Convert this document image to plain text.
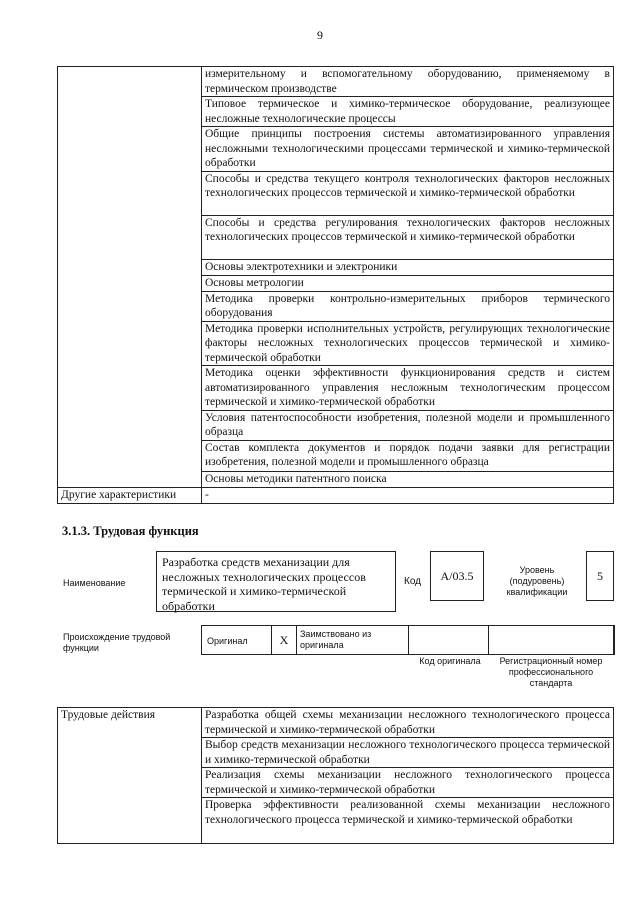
9
	измерительному и вспомогательному оборудованию, применяемому в термическом производстве
	Типовое термическое и химико-термическое оборудование, реализующее несложные технологические процессы
	Общие принципы построения системы автоматизированного управления несложными технологическими процессами термической и химико-термической обработки
	Способы и средства текущего контроля технологических факторов несложных технологических процессов термической и химико-термической обработки
	Способы и средства регулирования технологических факторов несложных технологических процессов термической и химико-термической обработки
	Основы электротехники и электроники
	Основы метрологии
	Методика проверки контрольно-измерительных приборов термического оборудования
	Методика проверки исполнительных устройств, регулирующих технологические факторы несложных технологических процессов термической и химико-термической обработки
	Методика оценки эффективности функционирования средств и систем автоматизированного управления несложным технологическим процессом термической и химико-термической обработки
	Условия патентоспособности изобретения, полезной модели и промышленного образца
	Состав комплекта документов и порядок подачи заявки для регистрации изобретения, полезной модели и промышленного образца
	Основы методики патентного поиска
Другие характеристики	-
3.1.3. Трудовая функция
Наименование
Разработка средств механизации для несложных технологических процессов термической и химико-термической обработки
Код	A/03.5	Уровень (подуровень) квалификации
5
Происхождение трудовой функции
Оригинал	X	Заимствовано из оригинала
Код оригинала	Регистрационный номер профессионального стандарта
Трудовые действия	Разработка общей схемы механизации несложного технологического процесса термической и химико-термической обработки
Выбор средств механизации несложного технологического процесса термической и химико-термической обработки
Реализация схемы механизации несложного технологического процесса термической и химико-термической обработки
Проверка эффективности реализованной схемы механизации несложного технологического процесса термической и химико-термической обработки
